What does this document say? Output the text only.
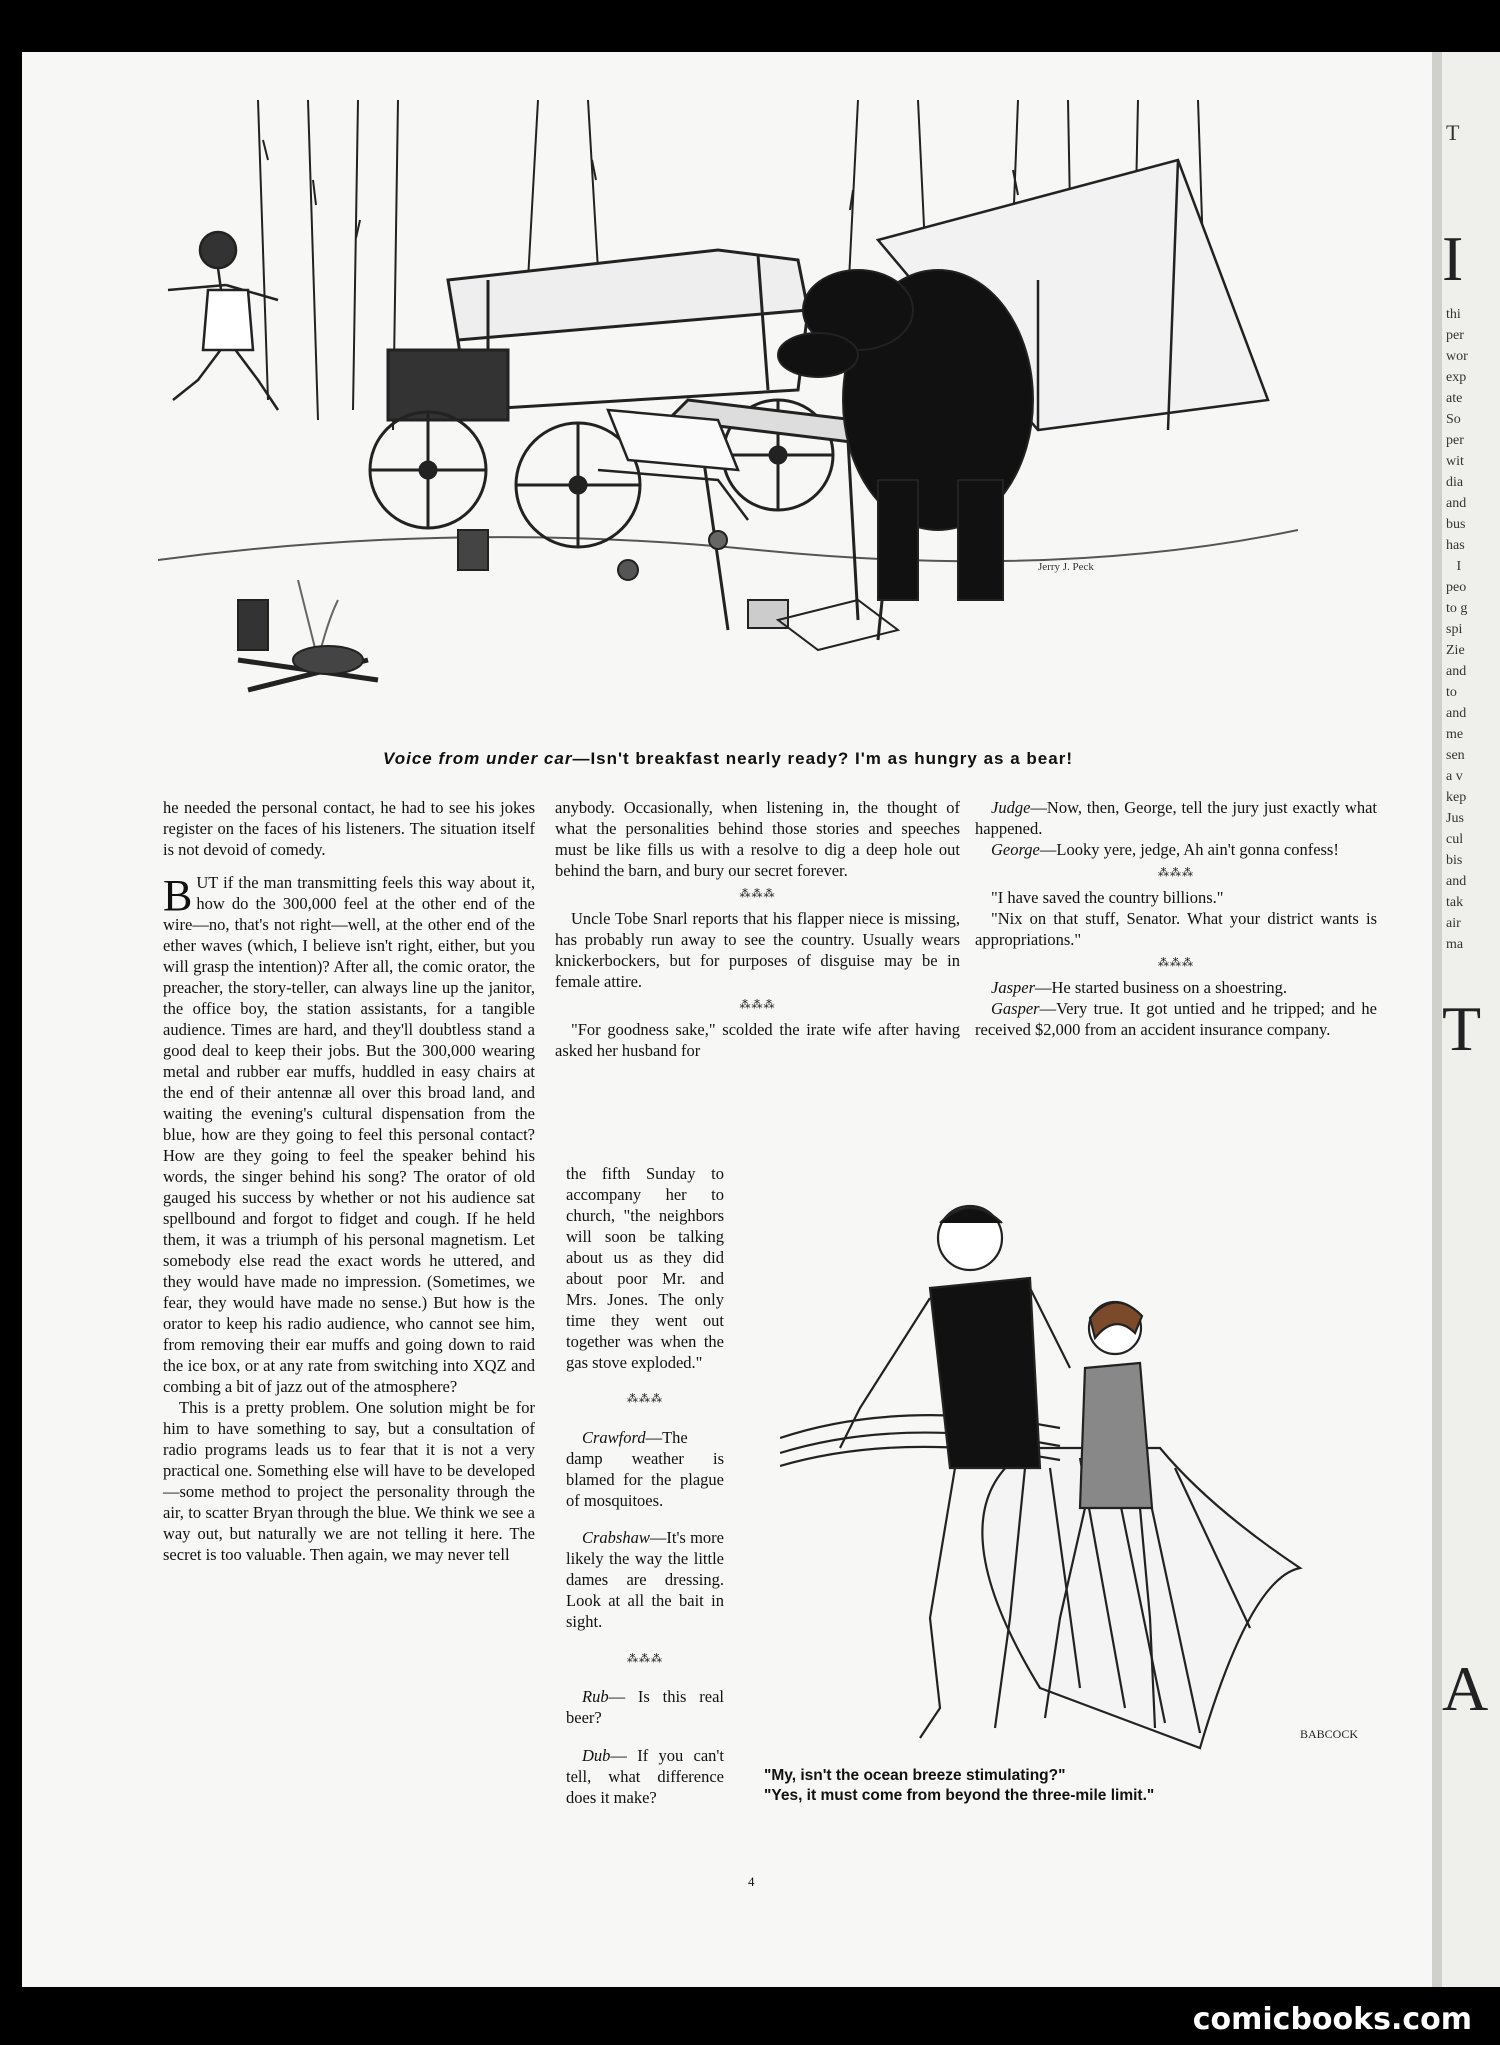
T
I
thi
per
wor
exp
ate
So
per
wit
dia
and
bus
has
I
peo
to g
spi
Zie
and
to
and
me
sen
a v
kep
Jus
cul
bis
and
tak
air
ma
T
A
Jerry J. Peck
Voice from under car—Isn't breakfast nearly ready? I'm as hungry as a bear!

he needed the personal contact, he had to see his jokes register on the faces of his listeners. The situation itself is not devoid of comedy.

BUT if the man transmitting feels this way about it, how do the 300,000 feel at the other end of the wire—no, that's not right—well, at the other end of the ether waves (which, I believe isn't right, either, but you will grasp the intention)? After all, the comic orator, the preacher, the story-teller, can always line up the janitor, the office boy, the station assistants, for a tangible audience. Times are hard, and they'll doubtless stand a good deal to keep their jobs. But the 300,000 wearing metal and rubber ear muffs, huddled in easy chairs at the end of their antennæ all over this broad land, and waiting the evening's cultural dispensation from the blue, how are they going to feel this personal contact? How are they going to feel the speaker behind his words, the singer behind his song? The orator of old gauged his success by whether or not his audience sat spellbound and forgot to fidget and cough. If he held them, it was a triumph of his personal magnetism. Let somebody else read the exact words he uttered, and they would have made no impression. (Sometimes, we fear, they would have made no sense.) But how is the orator to keep his radio audience, who cannot see him, from removing their ear muffs and going down to raid the ice box, or at any rate from switching into XQZ and combing a bit of jazz out of the atmosphere?

This is a pretty problem. One solution might be for him to have something to say, but a consultation of radio programs leads us to fear that it is not a very practical one. Something else will have to be developed—some method to project the personality through the air, to scatter Bryan through the blue. We think we see a way out, but naturally we are not telling it here. The secret is too valuable. Then again, we may never tell

anybody. Occasionally, when listening in, the thought of what the personalities behind those stories and speeches must be like fills us with a resolve to dig a deep hole out behind the barn, and bury our secret forever.

⁂⁂⁂

Uncle Tobe Snarl reports that his flapper niece is missing, has probably run away to see the country. Usually wears knickerbockers, but for purposes of disguise may be in female attire.

⁂⁂⁂

"For goodness sake," scolded the irate wife after having asked her husband for

the fifth Sunday to accompany her to church, "the neighbors will soon be talking about us as they did about poor Mr. and Mrs. Jones. The only time they went out together was when the gas stove exploded."

⁂⁂⁂

Crawford—The damp weather is blamed for the plague of mosquitoes.

Crabshaw—It's more likely the way the little dames are dressing. Look at all the bait in sight.

⁂⁂⁂

Rub— Is this real beer?

Dub— If you can't tell, what difference does it make?

Judge—Now, then, George, tell the jury just exactly what happened.

George—Looky yere, jedge, Ah ain't gonna confess!

⁂⁂⁂

"I have saved the country billions."

"Nix on that stuff, Senator. What your district wants is appropriations."

⁂⁂⁂

Jasper—He started business on a shoestring.

Gasper—Very true. It got untied and he tripped; and he received $2,000 from an accident insurance company.

BABCOCK
"My, isn't the ocean breeze stimulating?"
"Yes, it must come from beyond the three-mile limit."
4
comicbooks.com
